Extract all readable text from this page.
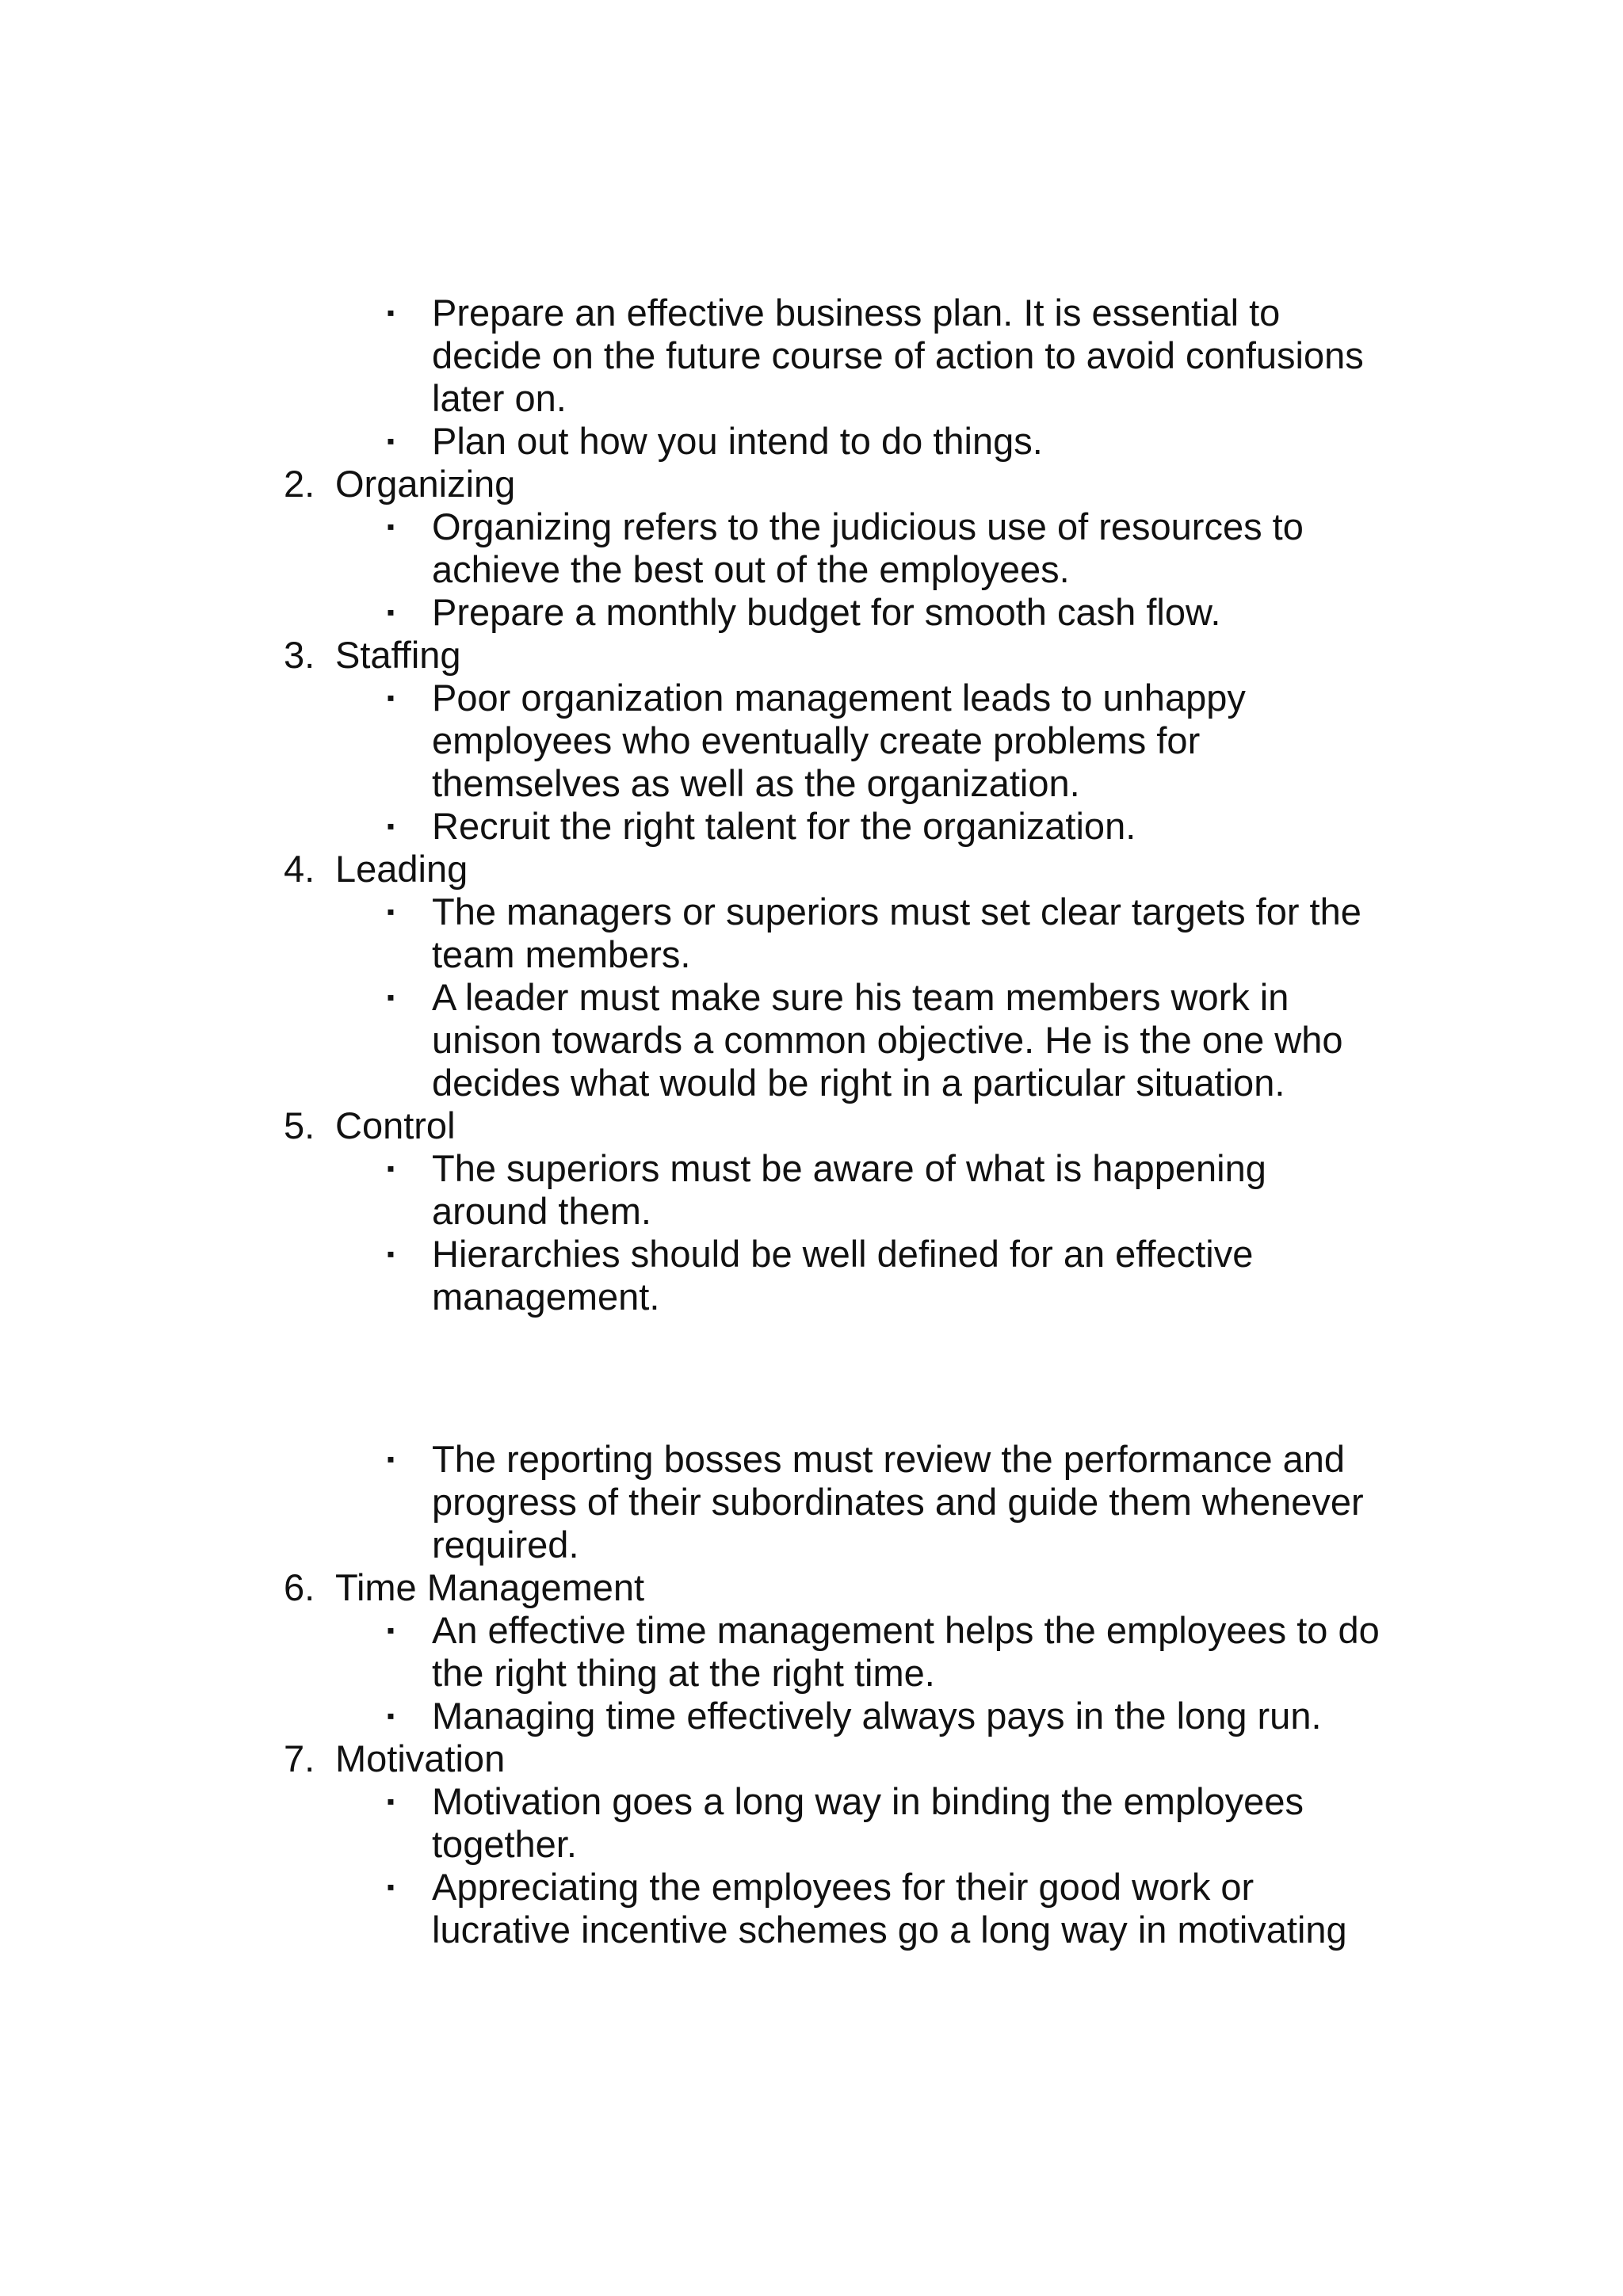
▪ Prepare an effective business plan. It is essential to
decide on the future course of action to avoid confusions
later on.
▪ Plan out how you intend to do things.
2. Organizing
▪ Organizing refers to the judicious use of resources to
achieve the best out of the employees.
▪ Prepare a monthly budget for smooth cash flow.
3. Staffing
▪ Poor organization management leads to unhappy
employees who eventually create problems for
themselves as well as the organization.
▪ Recruit the right talent for the organization.
4. Leading
▪ The managers or superiors must set clear targets for the
team members.
▪ A leader must make sure his team members work in
unison towards a common objective. He is the one who
decides what would be right in a particular situation.
5. Control
▪ The superiors must be aware of what is happening
around them.
▪ Hierarchies should be well defined for an effective
management.
▪ The reporting bosses must review the performance and
progress of their subordinates and guide them whenever
required.
6. Time Management
▪ An effective time management helps the employees to do
the right thing at the right time.
▪ Managing time effectively always pays in the long run.
7. Motivation
▪ Motivation goes a long way in binding the employees
together.
▪ Appreciating the employees for their good work or
lucrative incentive schemes go a long way in motivating
